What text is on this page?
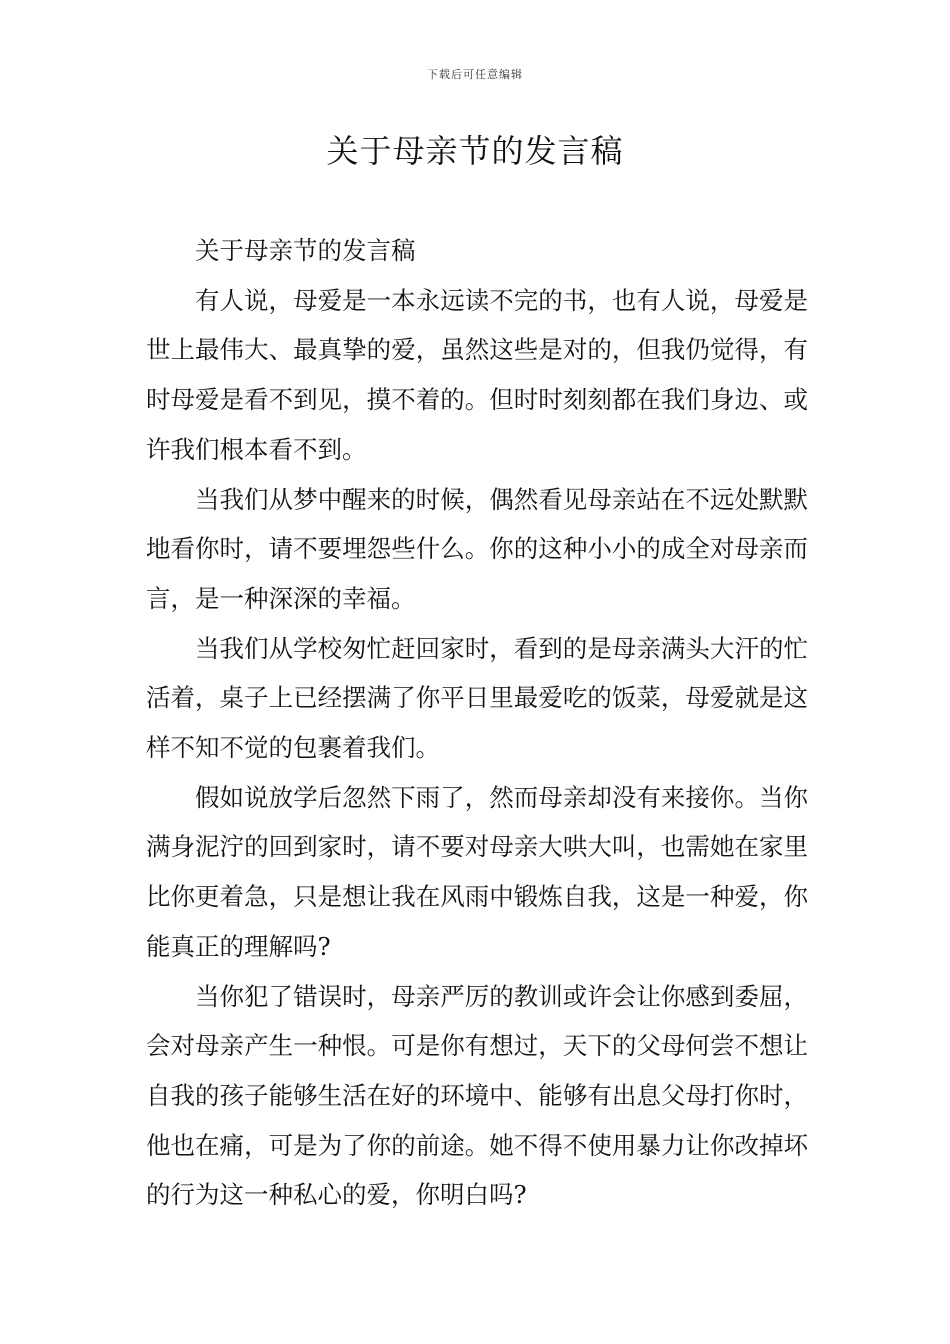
下载后可任意编辑
关于母亲节的发言稿

关于母亲节的发言稿

有人说，母爱是一本永远读不完的书，也有人说，母爱是世上最伟大、最真挚的爱，虽然这些是对的，但我仍觉得，有时母爱是看不到见，摸不着的。但时时刻刻都在我们身边、或许我们根本看不到。

当我们从梦中醒来的时候，偶然看见母亲站在不远处默默地看你时，请不要埋怨些什么。你的这种小小的成全对母亲而言，是一种深深的幸福。

当我们从学校匆忙赶回家时，看到的是母亲满头大汗的忙活着，桌子上已经摆满了你平日里最爱吃的饭菜，母爱就是这样不知不觉的包裹着我们。

假如说放学后忽然下雨了，然而母亲却没有来接你。当你满身泥泞的回到家时，请不要对母亲大哄大叫，也需她在家里比你更着急，只是想让我在风雨中锻炼自我，这是一种爱，你能真正的理解吗?

当你犯了错误时，母亲严厉的教训或许会让你感到委屈，会对母亲产生一种恨。可是你有想过，天下的父母何尝不想让自我的孩子能够生活在好的环境中、能够有出息父母打你时，他也在痛，可是为了你的前途。她不得不使用暴力让你改掉坏的行为这一种私心的爱，你明白吗?
